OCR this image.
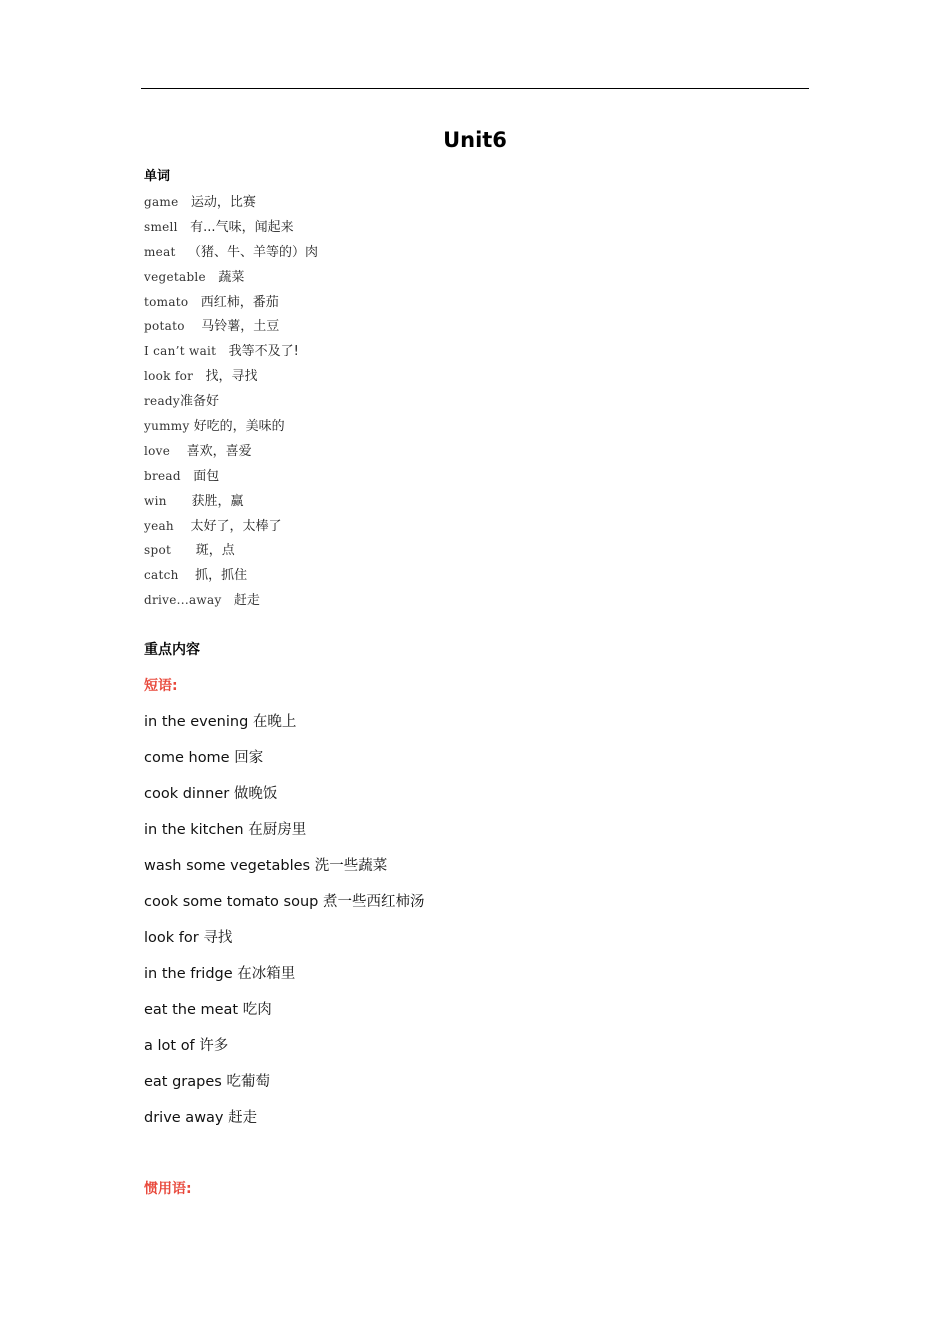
Unit6
单词
game 运动，比赛
smell 有...气味，闻起来
meat （猪、牛、羊等的）肉
vegetable 蔬菜
tomato 西红柿，番茄
potato 马铃薯，土豆
I can’t wait 我等不及了!
look for 找，寻找
ready准备好
yummy 好吃的，美味的
love 喜欢，喜爱
bread 面包
win 获胜，赢
yeah 太好了，太棒了
spot 斑，点
catch 抓，抓住
drive...away 赶走
重点内容
短语:
in the evening 在晚上
come home 回家
cook dinner 做晚饭
in the kitchen 在厨房里
wash some vegetables 洗一些蔬菜
cook some tomato soup 煮一些西红柿汤
look for 寻找
in the fridge 在冰箱里
eat the meat 吃肉
a lot of 许多
eat grapes 吃葡萄
drive away 赶走
惯用语:
